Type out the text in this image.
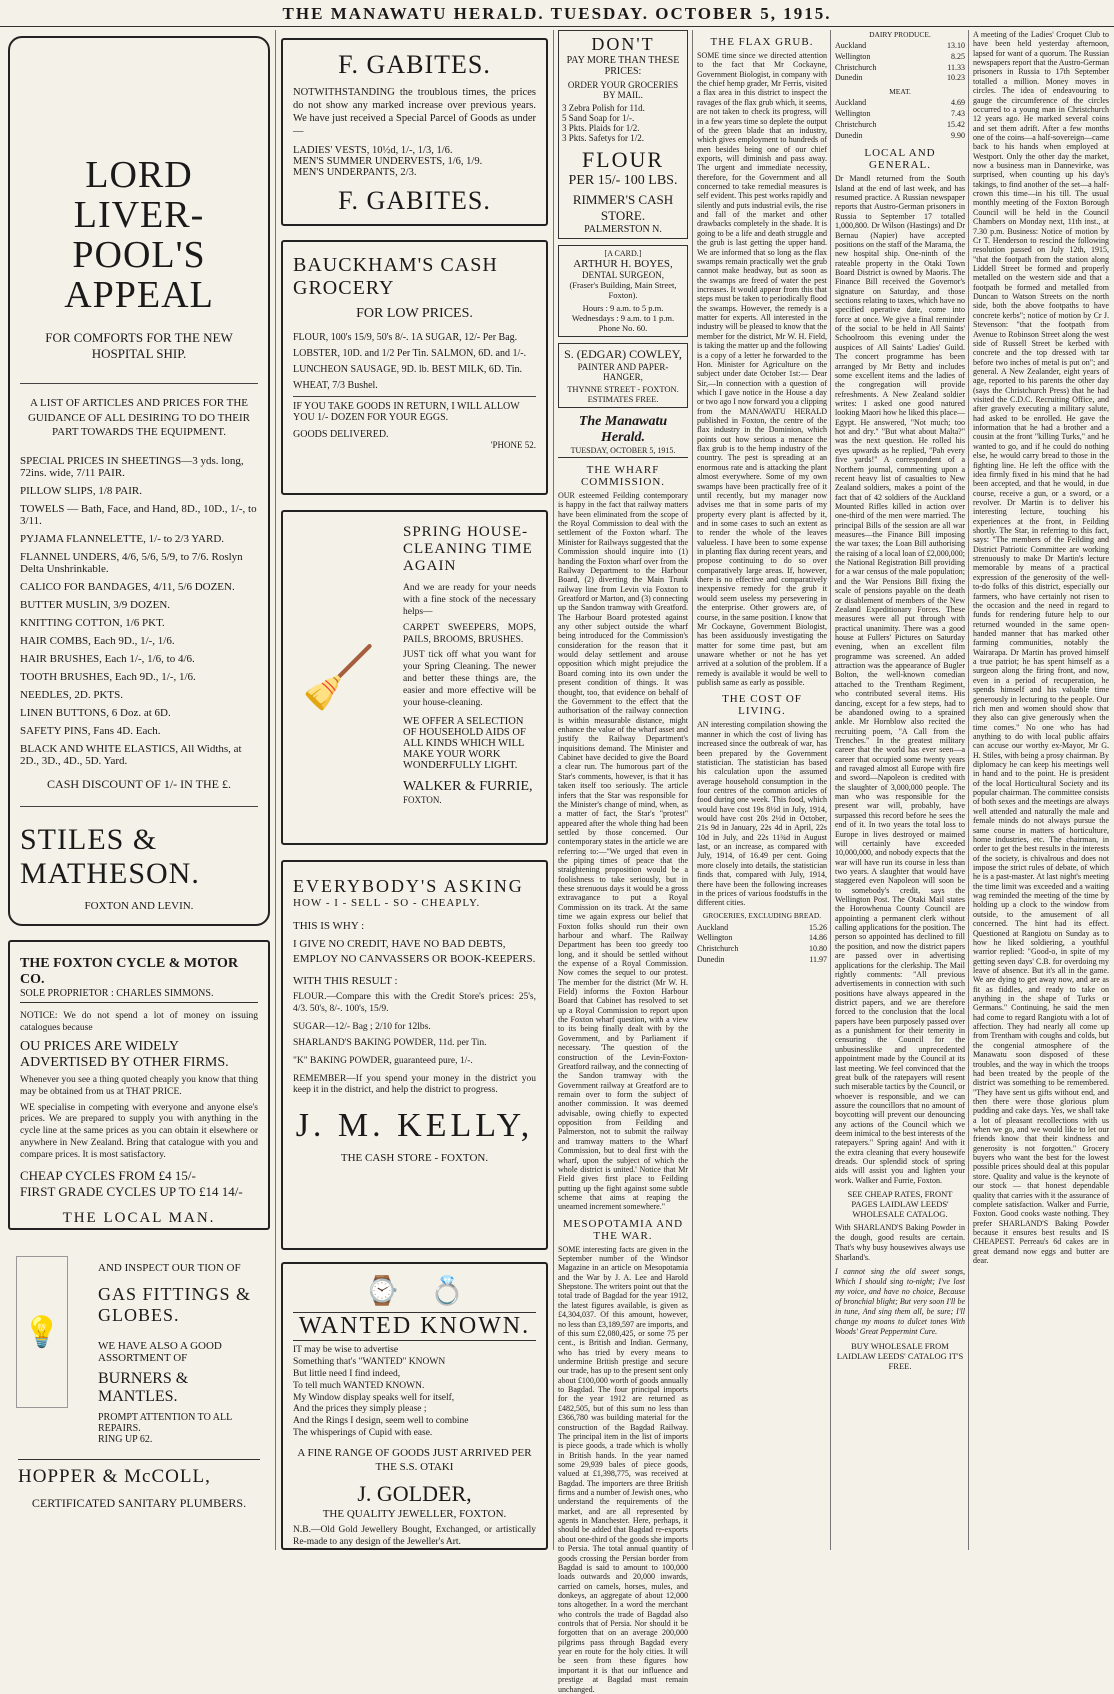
THE MANAWATU HERALD. TUESDAY. OCTOBER 5, 1915.
LORD LIVER-POOL'S APPEAL
FOR COMFORTS FOR THE NEW HOSPITAL SHIP.
A LIST OF ARTICLES AND PRICES FOR THE GUIDANCE OF ALL DESIRING TO DO THEIR PART TOWARDS THE EQUIPMENT.

SPECIAL PRICES IN SHEETINGS—3 yds. long, 72ins. wide, 7/11 PAIR.

PILLOW SLIPS, 1/8 PAIR.

TOWELS — Bath, Face, and Hand, 8D., 10D., 1/-, to 3/11.

PYJAMA FLANNELETTE, 1/- to 2/3 YARD.

FLANNEL UNDERS, 4/6, 5/6, 5/9, to 7/6. Roslyn Delta Unshrinkable.

CALICO FOR BANDAGES, 4/11, 5/6 DOZEN.

BUTTER MUSLIN, 3/9 DOZEN.

KNITTING COTTON, 1/6 PKT.

HAIR COMBS, Each 9D., 1/-, 1/6.

HAIR BRUSHES, Each 1/-, 1/6, to 4/6.

TOOTH BRUSHES, Each 9D., 1/-, 1/6.

NEEDLES, 2D. PKTS.

LINEN BUTTONS, 6 Doz. at 6D.

SAFETY PINS, Fans 4D. Each.

BLACK AND WHITE ELASTICS, All Widths, at 2D., 3D., 4D., 5D. Yard.

CASH DISCOUNT OF 1/- IN THE £.
STILES & MATHESON.
FOXTON AND LEVIN.
THE FOXTON CYCLE & MOTOR CO.
SOLE PROPRIETOR : CHARLES SIMMONS.
NOTICE: We do not spend a lot of money on issuing catalogues because
OU PRICES ARE WIDELY ADVERTISED BY OTHER FIRMS.
Whenever you see a thing quoted cheaply you know that thing may be obtained from us at THAT PRICE.
WE specialise in competing with everyone and anyone else's prices. We are prepared to supply you with anything in the cycle line at the same prices as you can obtain it elsewhere or anywhere in New Zealand. Bring that catalogue with you and compare prices. It is most satisfactory.
CHEAP CYCLES FROM £4 15/-
FIRST GRADE CYCLES UP TO £14 14/-
THE LOCAL MAN.
💡
AND INSPECT OUR TION OF
GAS FITTINGS & GLOBES.
WE HAVE ALSO A GOOD ASSORTMENT OF
BURNERS & MANTLES.
PROMPT ATTENTION TO ALL REPAIRS.
RING UP 62.
HOPPER & McCOLL,
CERTIFICATED SANITARY PLUMBERS.
F. GABITES.
NOTWITHSTANDING the troublous times, the prices do not show any marked increase over previous years. We have just received a Special Parcel of Goods as under—

LADIES' VESTS, 10½d, 1/-, 1/3, 1/6.

MEN'S SUMMER UNDERVESTS, 1/6, 1/9.

MEN'S UNDERPANTS, 2/3.

F. GABITES.
BAUCKHAM'S CASH GROCERY
FOR LOW PRICES.

FLOUR, 100's 15/9, 50's 8/-. 1A SUGAR, 12/- Per Bag.

LOBSTER, 10D. and 1/2 Per Tin. SALMON, 6D. and 1/-.

LUNCHEON SAUSAGE, 9D. lb. BEST MILK, 6D. Tin.

WHEAT, 7/3 Bushel.

IF YOU TAKE GOODS IN RETURN, I WILL ALLOW YOU 1/- DOZEN FOR YOUR EGGS.
GOODS DELIVERED.
'PHONE 52.
🧹
SPRING HOUSE-CLEANING TIME AGAIN
And we are ready for your needs with a fine stock of the necessary helps—
CARPET SWEEPERS, MOPS, PAILS, BROOMS, BRUSHES.
JUST tick off what you want for your Spring Cleaning. The newer and better these things are, the easier and more effective will be your house-cleaning.
WE OFFER A SELECTION OF HOUSEHOLD AIDS OF ALL KINDS WHICH WILL MAKE YOUR WORK WONDERFULLY LIGHT.
WALKER & FURRIE,
FOXTON.
EVERYBODY'S ASKING
HOW - I - SELL - SO - CHEAPLY.
THIS IS WHY :
I GIVE NO CREDIT, HAVE NO BAD DEBTS, EMPLOY NO CANVASSERS OR BOOK-KEEPERS.
WITH THIS RESULT :
FLOUR.—Compare this with the Credit Store's prices: 25's, 4/3. 50's, 8/-. 100's, 15/9.
SUGAR—12/- Bag ; 2/10 for 12lbs.
SHARLAND'S BAKING POWDER, 11d. per Tin.
"K" BAKING POWDER, guaranteed pure, 1/-.
REMEMBER—If you spend your money in the district you keep it in the district, and help the district to progress.
J. M. KELLY,
THE CASH STORE - FOXTON.
⌚ 💍
WANTED KNOWN.

IT may be wise to advertise

Something that's "WANTED" KNOWN

But little need I find indeed,

To tell much WANTED KNOWN.

My Window display speaks well for itself,

And the prices they simply please ;

And the Rings I design, seem well to combine

The whisperings of Cupid with ease.

A FINE RANGE OF GOODS JUST ARRIVED PER THE S.S. OTAKI
J. GOLDER,
THE QUALITY JEWELLER, FOXTON.
N.B.—Old Gold Jewellery Bought, Exchanged, or artistically Re-made to any design of the Jeweller's Art.
DON'T
PAY MORE THAN THESE PRICES:
ORDER YOUR GROCERIES BY MAIL.

3 Zebra Polish for 11d.

5 Sand Soap for 1/-.

3 Pkts. Plaids for 1/2.

3 Pkts. Safetys for 1/2.

FLOUR
PER 15/- 100 LBS.
RIMMER'S CASH STORE.
PALMERSTON N.
[A CARD.]
ARTHUR H. BOYES,
DENTAL SURGEON,
(Fraser's Building, Main Street, Foxton).
Hours : 9 a.m. to 5 p.m. Wednesdays : 9 a.m. to 1 p.m. Phone No. 60.
S. (EDGAR) COWLEY,
PAINTER AND PAPER-HANGER,
THYNNE STREET - FOXTON.
ESTIMATES FREE.
The Manawatu Herald.
TUESDAY, OCTOBER 5, 1915.
THE WHARF COMMISSION.
OUR esteemed Feilding contemporary is happy in the fact that railway matters have been eliminated from the scope of the Royal Commission to deal with the settlement of the Foxton wharf. The Minister for Railways suggested that the Commission should inquire into (1) handing the Foxton wharf over from the Railway Department to the Harbour Board, (2) diverting the Main Trunk railway line from Levin via Foxton to Greatford or Marton, and (3) connecting up the Sandon tramway with Greatford. The Harbour Board protested against any other subject outside the wharf being introduced for the Commission's consideration for the reason that it would delay settlement and arouse opposition which might prejudice the Board coming into its own under the present condition of things. It was thought, too, that evidence on behalf of the Government to the effect that the authorisation of the railway connection is within measurable distance, might enhance the value of the wharf asset and justify the Railway Department's inquisitions demand. The Minister and Cabinet have decided to give the Board a clear run. The humorous part of the Star's comments, however, is that it has taken itself too seriously. The article infers that the Star was responsible for the Minister's change of mind, when, as a matter of fact, the Star's "protest" appeared after the whole thing had been settled by those concerned. Our contemporary states in the article we are referring to:—"We urged that even in the piping times of peace that the straightening proposition would be a foolishness to take seriously, but in these strenuous days it would be a gross extravagance to put a Royal Commission on its track. At the same time we again express our belief that Foxton folks should run their own harbour and wharf. The Railway Department has been too greedy too long, and it should be settled without the expense of a Royal Commission. Now comes the sequel to our protest. The member for the district (Mr W. H. Field) informs the Foxton Harbour Board that Cabinet has resolved to set up a Royal Commission to report upon the Foxton wharf question, with a view to its being finally dealt with by the Government, and by Parliament if necessary. 'The question of the construction of the Levin-Foxton-Greatford railway, and the connecting of the Sandon tramway with the Government railway at Greatford are to remain over to form the subject of another commission. It was deemed advisable, owing chiefly to expected opposition from Feilding and Palmerston, not to submit the railway and tramway matters to the Wharf Commission, but to deal first with the wharf, upon the subject of which the whole district is united.' Notice that Mr Field gives first place to Feilding putting up the fight against some subtle scheme that aims at reaping the unearned increment somewhere."
MESOPOTAMIA AND THE WAR.
SOME interesting facts are given in the September number of the Windsor Magazine in an article on Mesopotamia and the War by J. A. Lee and Harold Shepstone. The writers point out that the total trade of Bagdad for the year 1912, the latest figures available, is given as £4,304,037. Of this amount, however, no less than £3,189,597 are imports, and of this sum £2,080,425, or some 75 per cent., is British and Indian. Germany, who has tried by every means to undermine British prestige and secure our trade, has up to the present sent only about £100,000 worth of goods annually to Bagdad. The four principal imports for the year 1912 are returned as £482,505, but of this sum no less than £366,780 was building material for the construction of the Bagdad Railway. The principal item in the list of imports is piece goods, a trade which is wholly in British hands. In the year named some 29,939 bales of piece goods, valued at £1,398,775, was received at Bagdad. The importers are three British firms and a number of Jewish ones, who understand the requirements of the market, and are all represented by agents in Manchester. Here, perhaps, it should be added that Bagdad re-exports about one-third of the goods she imports to Persia. The total annual quantity of goods crossing the Persian border from Bagdad is said to amount to 100,000 loads outwards and 20,000 inwards, carried on camels, horses, mules, and donkeys, an aggregate of about 12,000 tons altogether. In a word the merchant who controls the trade of Bagdad also controls that of Persia. Nor should it be forgotten that on an average 200,000 pilgrims pass through Bagdad every year en route for the holy cities. It will be seen from these figures how important it is that our influence and prestige at Bagdad must remain unchanged.
THE FLAX GRUB.
SOME time since we directed attention to the fact that Mr Cockayne, Government Biologist, in company with the chief hemp grader, Mr Ferris, visited a flax area in this district to inspect the ravages of the flax grub which, it seems, are not taken to check its progress, will in a few years time so deplete the output of the green blade that an industry, which gives employment to hundreds of men besides being one of our chief exports, will diminish and pass away. The urgent and immediate necessity, therefore, for the Government and all concerned to take remedial measures is self evident. This pest works rapidly and silently and puts industrial evils, the rise and fall of the market and other drawbacks completely in the shade. It is going to be a life and death struggle and the grub is last getting the upper hand. We are informed that so long as the flax swamps remain practically wet the grub cannot make headway, but as soon as the swamps are freed of water the pest increases. It would appear from this that steps must be taken to periodically flood the swamps. However, the remedy is a matter for experts. All interested in the industry will be pleased to know that the member for the district, Mr W. H. Field, is taking the matter up and the following is a copy of a letter he forwarded to the Hon. Minister for Agriculture on the subject under date October 1st:— Dear Sir,—In connection with a question of which I gave notice in the House a day or two ago I now forward you a clipping from the MANAWATU HERALD published in Foxton, the centre of the flax industry in the Dominion, which points out how serious a menace the flax grub is to the hemp industry of the country. The pest is spreading at an enormous rate and is attacking the plant almost everywhere. Some of my own swamps have been practically free of it until recently, but my manager now advises me that in some parts of my property every plant is affected by it, and in some cases to such an extent as to render the whole of the leaves valueless. I have been to some expense in planting flax during recent years, and propose continuing to do so over comparatively large areas. If, however, there is no effective and comparatively inexpensive remedy for the grub it would seem useless my persevering in the enterprise. Other growers are, of course, in the same position. I know that Mr Cockayne, Government Biologist, has been assiduously investigating the matter for some time past, but am unaware whether or not he has yet arrived at a solution of the problem. If a remedy is available it would be well to publish same as early as possible.
THE COST OF LIVING.
AN interesting compilation showing the manner in which the cost of living has increased since the outbreak of war, has been prepared by the Government statistician. The statistician has based his calculation upon the assumed average household consumption in the four centres of the common articles of food during one week. This food, which would have cost 19s 8½d in July, 1914, would have cost 20s 2½d in October, 21s 9d in January, 22s 4d in April, 22s 10d in July, and 22s 11¾d in August last, or an increase, as compared with July, 1914, of 16.49 per cent. Going more closely into details, the statistician finds that, compared with July, 1914, there have been the following increases in the prices of various foodstuffs in the different cities.
GROCERIES, EXCLUDING BREAD.
Auckland	15.26
Wellington	14.86
Christchurch	10.80
Dunedin	11.97
DAIRY PRODUCE.
Auckland	13.10
Wellington	8.25
Christchurch	11.33
Dunedin	10.23
MEAT.
Auckland	4.69
Wellington	7.43
Christchurch	15.42
Dunedin	9.90
LOCAL AND GENERAL.
Dr Mandl returned from the South Island at the end of last week, and has resumed practice. A Russian newspaper reports that Austro-German prisoners in Russia to September 17 totalled 1,000,800. Dr Wilson (Hastings) and Dr Bernau (Napier) have accepted positions on the staff of the Marama, the new hospital ship. One-ninth of the rateable property in the Otaki Town Board District is owned by Maoris. The Finance Bill received the Governor's signature on Saturday, and those sections relating to taxes, which have no specified operative date, come into force at once. We give a final reminder of the social to be held in All Saints' Schoolroom this evening under the auspices of All Saints' Ladies' Guild. The concert programme has been arranged by Mr Betty and includes some excellent items and the ladies of the congregation will provide refreshments. A New Zealand soldier writes: I asked one good natured looking Maori how he liked this place—Egypt. He answered, "Not much; too hot and dry." "But what about Malta?" was the next question. He rolled his eyes upwards as he replied, "Pah every five yards!" A correspondent of a Northern journal, commenting upon a recent heavy list of casualties to New Zealand soldiers, makes a point of the fact that of 42 soldiers of the Auckland Mounted Rifles killed in action over one-third of the men were married. The principal Bills of the session are all war measures—the Finance Bill imposing the war taxes; the Loan Bill authorising the raising of a local loan of £2,000,000; the National Registration Bill providing for a war census of the male population; and the War Pensions Bill fixing the scale of pensions payable on the death or disablement of members of the New Zealand Expeditionary Forces. These measures were all put through with practical unanimity. There was a good house at Fullers' Pictures on Saturday evening, when an excellent film programme was screened. An added attraction was the appearance of Bugler Bolton, the well-known comedian attached to the Trentham Regiment, who contributed several items. His dancing, except for a few steps, had to be abandoned owing to a sprained ankle. Mr Hornblow also recited the recruiting poem, "A Call from the Trenches." In the greatest military career that the world has ever seen—a career that occupied some twenty years and ravaged almost all Europe with fire and sword—Napoleon is credited with the slaughter of 3,000,000 people. The man who was responsible for the present war will, probably, have surpassed this record before he sees the end of it. In two years the total loss to Europe in lives destroyed or maimed will certainly have exceeded 10,000,000, and nobody expects that the war will have run its course in less than two years. A slaughter that would have staggered even Napoleon will soon be to somebody's credit, says the Wellington Post. The Otaki Mail states the Horowhenua County Council are appointing a permanent clerk without calling applications for the position. The person so appointed has declined to fill the position, and now the district papers are passed over in advertising applications for the clerkship. The Mail rightly comments: "All previous advertisements in connection with such positions have always appeared in the district papers, and we are therefore forced to the conclusion that the local papers have been purposely passed over as a punishment for their temerity in censuring the Council for the unbusinesslike and unprecedented appointment made by the Council at its last meeting. We feel convinced that the great bulk of the ratepayers will resent such miserable tactics by the Council, or whoever is responsible, and we can assure the councillors that no amount of boycotting will prevent our denouncing any actions of the Council which we deem inimical to the best interests of the ratepayers." Spring again! And with it the extra cleaning that every housewife dreads. Our splendid stock of spring aids will assist you and lighten your work. Walker and Furrie, Foxton.
SEE CHEAP RATES, FRONT PAGES LAIDLAW LEEDS' WHOLESALE CATALOG.
With SHARLAND'S Baking Powder in the dough, good results are certain. That's why busy housewives always use Sharland's.
I cannot sing the old sweet songs, Which I should sing to-night; I've lost my voice, and have no choice, Because of bronchial blight; But very soon I'll be in tune, And sing them all, be sure; I'll change my moans to dulcet tones With Woods' Great Peppermint Cure.
BUY WHOLESALE FROM LAIDLAW LEEDS' CATALOG IT'S FREE.
A meeting of the Ladies' Croquet Club to have been held yesterday afternoon, lapsed for want of a quorum. The Russian newspapers report that the Austro-German prisoners in Russia to 17th September totalled a million. Money moves in circles. The idea of endeavouring to gauge the circumference of the circles occurred to a young man in Christchurch 12 years ago. He marked several coins and set them adrift. After a few months one of the coins—a half-sovereign—came back to his hands when employed at Westport. Only the other day the market, now a business man in Dannevirke, was surprised, when counting up his day's takings, to find another of the set—a half-crown this time—in his till. The usual monthly meeting of the Foxton Borough Council will be held in the Council Chambers on Monday next, 11th inst., at 7.30 p.m. Business: Notice of motion by Cr T. Henderson to rescind the following resolution passed on July 12th, 1915, "that the footpath from the station along Liddell Street be formed and properly metalled on the western side and that a footpath be formed and metalled from Duncan to Watson Streets on the north side, both the above footpaths to have concrete kerbs"; notice of motion by Cr J. Stevenson: "that the footpath from Avenue to Robinson Street along the west side of Russell Street be kerbed with concrete and the top dressed with tar before two inches of metal is put on"; and general. A New Zealander, eight years of age, reported to his parents the other day (says the Christchurch Press) that he had visited the C.D.C. Recruiting Office, and after gravely executing a military salute, had asked to be enrolled. He gave the information that he had a brother and a cousin at the front "killing Turks," and he wanted to go, and if he could do nothing else, he would carry bread to those in the fighting line. He left the office with the idea firmly fixed in his mind that he had been accepted, and that he would, in due course, receive a gun, or a sword, or a revolver. Dr Martin is to deliver his interesting lecture, touching his experiences at the front, in Feilding shortly. The Star, in referring to this fact, says: "The members of the Feilding and District Patriotic Committee are working strenuously to make Dr Martin's lecture memorable by means of a practical expression of the generosity of the well-to-do folks of this district, especially our farmers, who have certainly not risen to the occasion and the need in regard to funds for rendering future help to our returned wounded in the same open-handed manner that has marked other farming communities, notably the Wairarapa. Dr Martin has proved himself a true patriot; he has spent himself as a surgeon along the firing front, and now, even in a period of recuperation, he spends himself and his valuable time generously in lecturing to the people. Our rich men and women should show that they also can give generously when the time comes." No one who has had anything to do with local public affairs can accuse our worthy ex-Mayor, Mr G. H. Stiles, with being a prosy chairman. By diplomacy he can keep his meetings well in hand and to the point. He is president of the local Horticultural Society and its popular chairman. The committee consists of both sexes and the meetings are always well attended and naturally the male and female minds do not always pursue the same course in matters of horticulture, home industries, etc. The chairman, in order to get the best results in the interests of the society, is chivalrous and does not impose the strict rules of debate, of which he is a past-master. At last night's meeting the time limit was exceeded and a waiting wag reminded the meeting of the time by holding up a clock to the window from outside, to the amusement of all concerned. The hint had its effect. Questioned at Rangiotu on Sunday as to how he liked soldiering, a youthful warrior replied: "Good-o, in spite of my getting seven days' C.B. for overdoing my leave of absence. But it's all in the game. We are dying to get away now, and are as fit as fiddles, and ready to take on anything in the shape of Turks or Germans." Continuing, he said the men had come to regard Rangiotu with a lot of affection. They had nearly all come up from Trentham with coughs and colds, but the congenial atmosphere of the Manawatu soon disposed of these troubles, and the way in which the troops had been treated by the people of the district was something to be remembered. "They have sent us gifts without end, and then there were those glorious plum pudding and cake days. Yes, we shall take a lot of pleasant recollections with us when we go, and we would like to let our friends know that their kindness and generosity is not forgotten." Grocery buyers who want the best for the lowest possible prices should deal at this popular store. Quality and value is the keynote of our stock — that honest dependable quality that carries with it the assurance of complete satisfaction. Walker and Furrie, Foxton. Good cooks waste nothing. They prefer SHARLAND'S Baking Powder because it ensures best results and IS CHEAPEST. Perreau's 6d cakes are in great demand now eggs and butter are dear.
